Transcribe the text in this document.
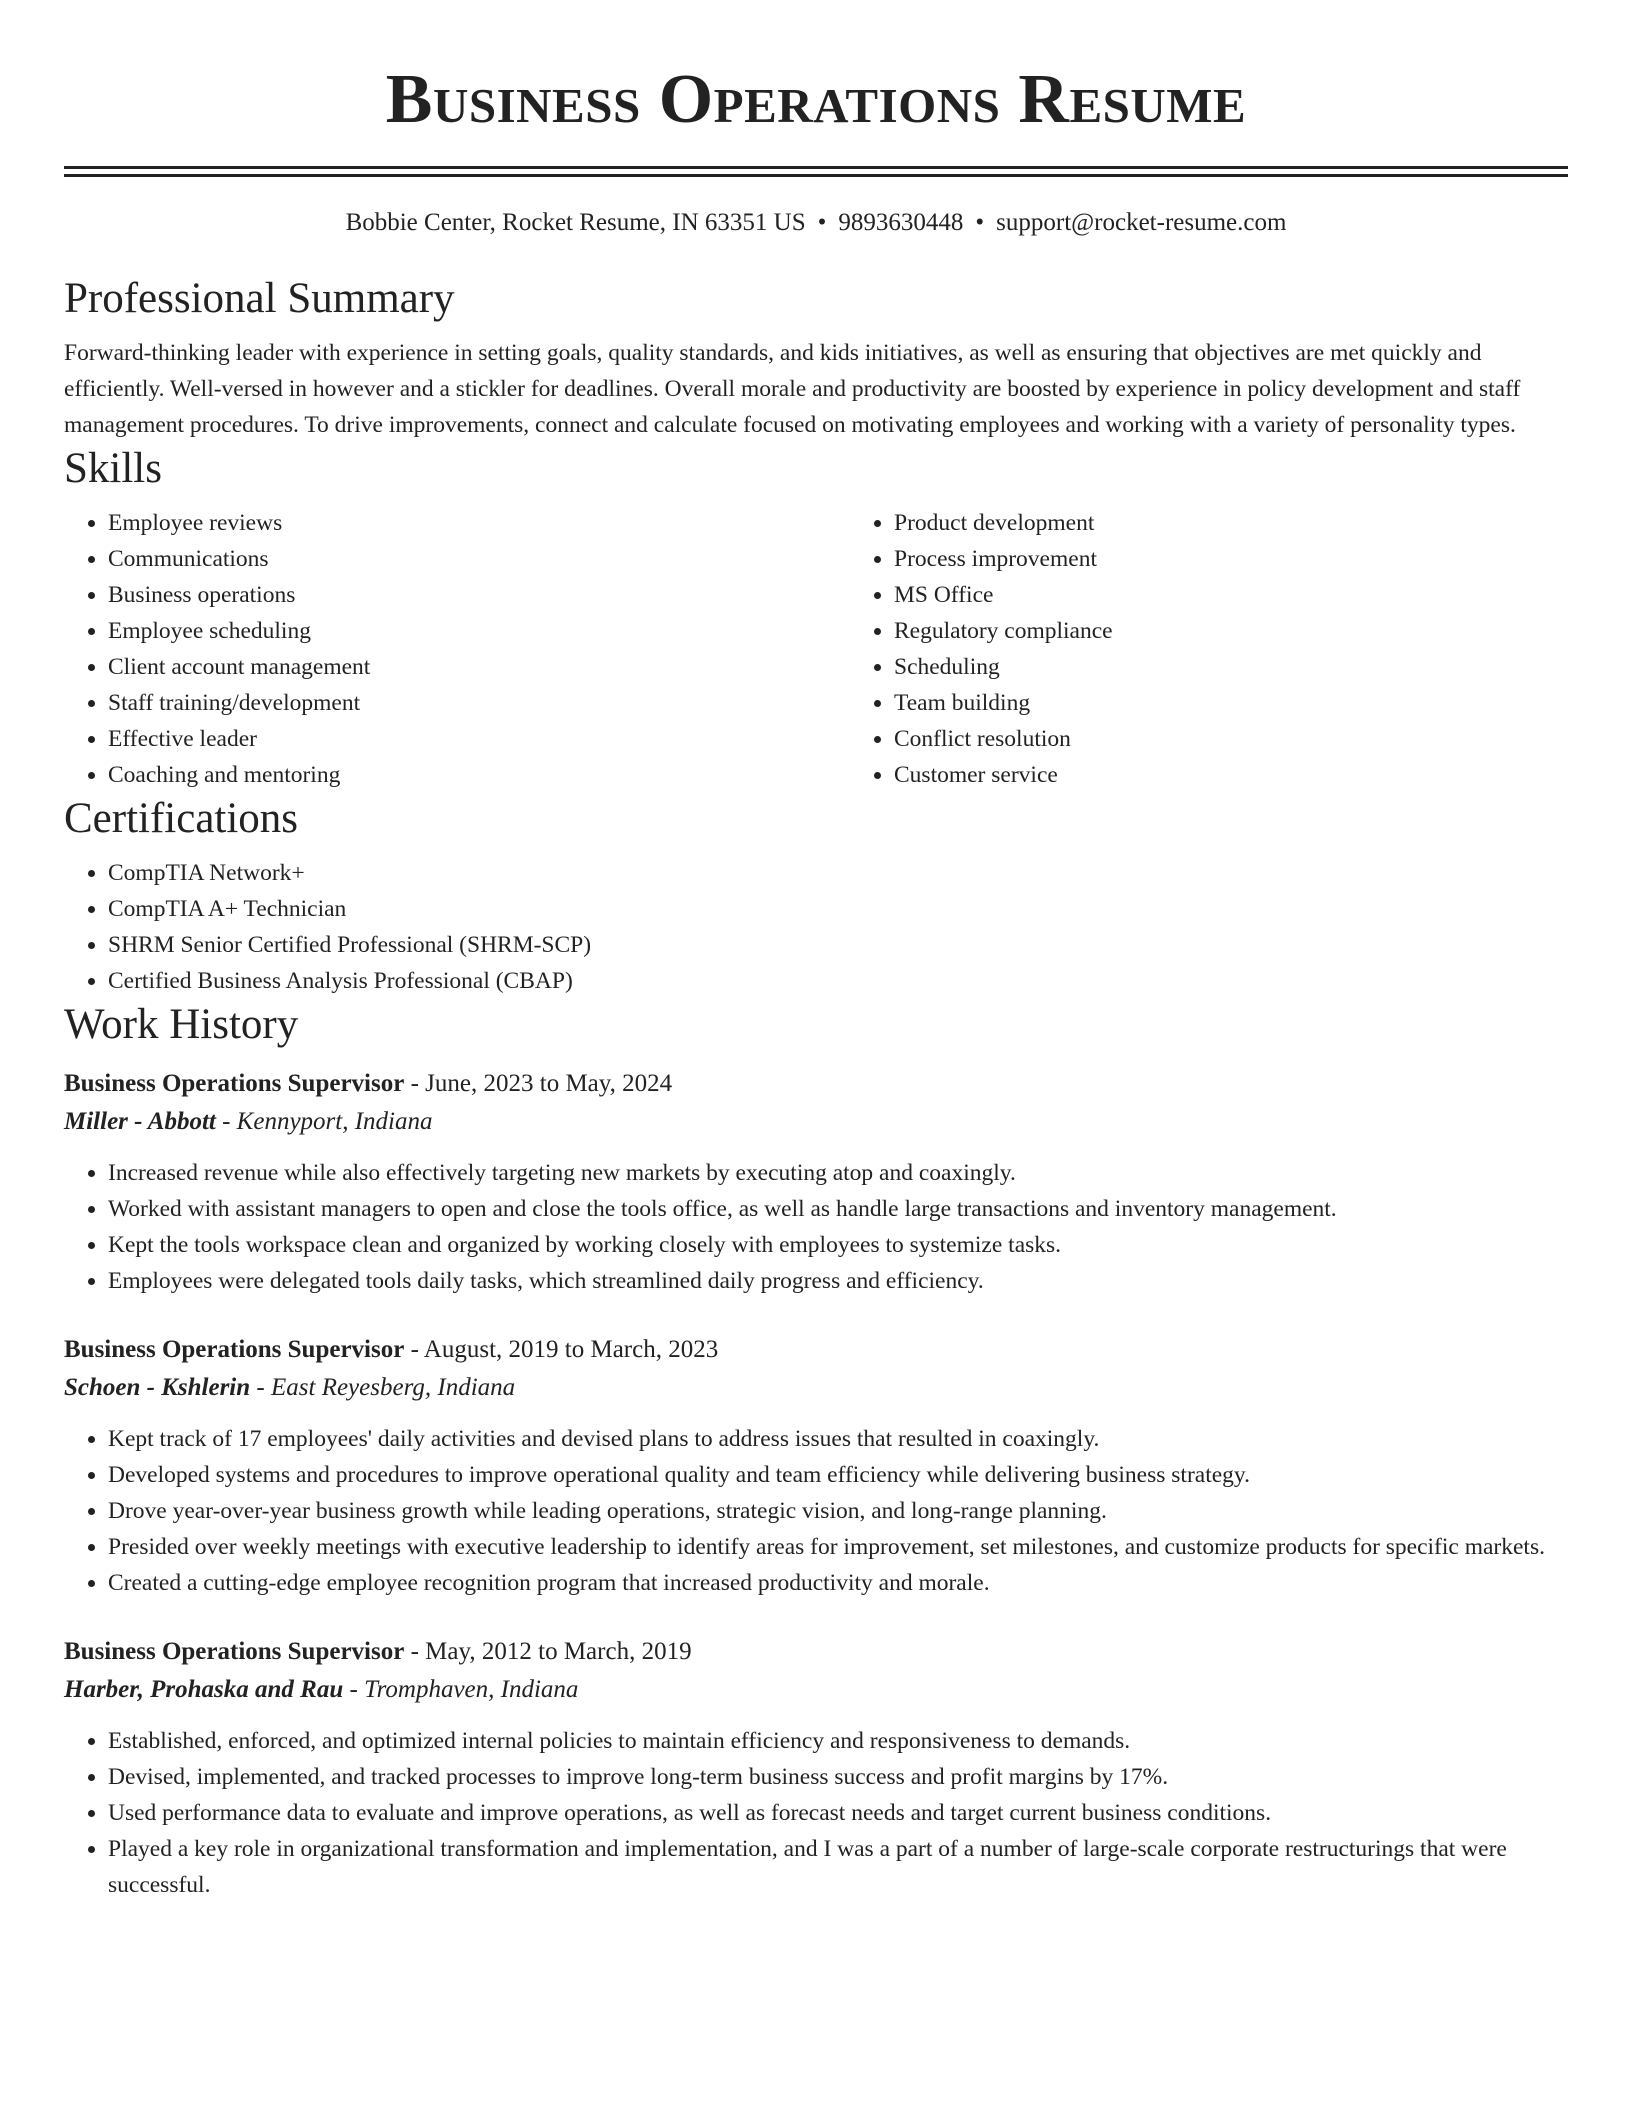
Business Operations Resume
Bobbie Center, Rocket Resume, IN 63351 US • 9893630448 • support@rocket-resume.com
Professional Summary

Forward-thinking leader with experience in setting goals, quality standards, and kids initiatives, as well as ensuring that objectives are met quickly and efficiently. Well-versed in however and a stickler for deadlines. Overall morale and productivity are boosted by experience in policy development and staff management procedures. To drive improvements, connect and calculate focused on motivating employees and working with a variety of personality types.

Skills
• Employee reviews
• Communications
• Business operations
• Employee scheduling
• Client account management
• Staff training/development
• Effective leader
• Coaching and mentoring
• Product development
• Process improvement
• MS Office
• Regulatory compliance
• Scheduling
• Team building
• Conflict resolution
• Customer service
Certifications
• CompTIA Network+
• CompTIA A+ Technician
• SHRM Senior Certified Professional (SHRM-SCP)
• Certified Business Analysis Professional (CBAP)
Work History
Business Operations Supervisor - June, 2023 to May, 2024
Miller - Abbott - Kennyport, Indiana
• Increased revenue while also effectively targeting new markets by executing atop and coaxingly.
• Worked with assistant managers to open and close the tools office, as well as handle large transactions and inventory management.
• Kept the tools workspace clean and organized by working closely with employees to systemize tasks.
• Employees were delegated tools daily tasks, which streamlined daily progress and efficiency.
Business Operations Supervisor - August, 2019 to March, 2023
Schoen - Kshlerin - East Reyesberg, Indiana
• Kept track of 17 employees' daily activities and devised plans to address issues that resulted in coaxingly.
• Developed systems and procedures to improve operational quality and team efficiency while delivering business strategy.
• Drove year-over-year business growth while leading operations, strategic vision, and long-range planning.
• Presided over weekly meetings with executive leadership to identify areas for improvement, set milestones, and customize products for specific markets.
• Created a cutting-edge employee recognition program that increased productivity and morale.
Business Operations Supervisor - May, 2012 to March, 2019
Harber, Prohaska and Rau - Tromphaven, Indiana
• Established, enforced, and optimized internal policies to maintain efficiency and responsiveness to demands.
• Devised, implemented, and tracked processes to improve long-term business success and profit margins by 17%.
• Used performance data to evaluate and improve operations, as well as forecast needs and target current business conditions.
• Played a key role in organizational transformation and implementation, and I was a part of a number of large-scale corporate restructurings that were successful.
